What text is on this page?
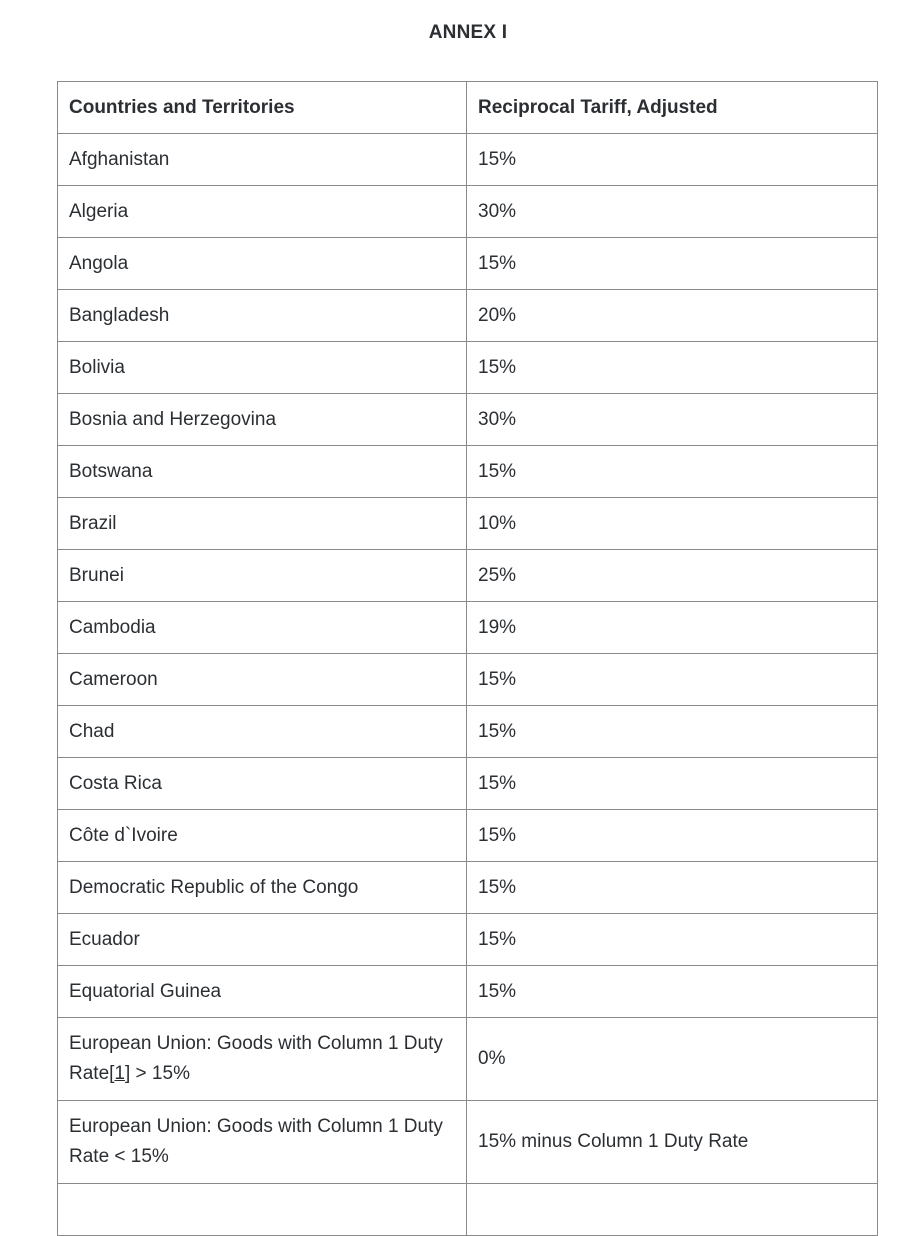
ANNEX I
Countries and Territories	Reciprocal Tariff, Adjusted
Afghanistan	15%
Algeria	30%
Angola	15%
Bangladesh	20%
Bolivia	15%
Bosnia and Herzegovina	30%
Botswana	15%
Brazil	10%
Brunei	25%
Cambodia	19%
Cameroon	15%
Chad	15%
Costa Rica	15%
Côte d`Ivoire	15%
Democratic Republic of the Congo	15%
Ecuador	15%
Equatorial Guinea	15%
European Union: Goods with Column 1 Duty Rate[1] > 15%	0%
European Union: Goods with Column 1 Duty Rate < 15%	15% minus Column 1 Duty Rate
